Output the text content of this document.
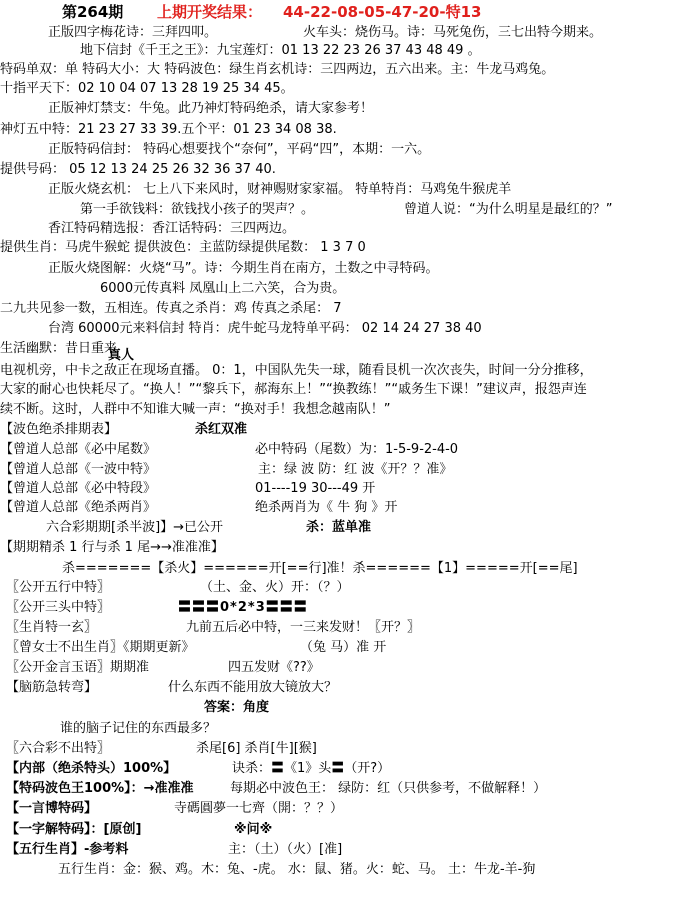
第264期 上期开奖结果： 44-22-08-05-47-20-特13
正版四字梅花诗：三拜四叩。	火车头：烧伤马。诗：马死兔伤，三七出特今期来。
地下信封《千王之王》：九宝莲灯：01 13 22 23 26 37 43 48 49 。
特码单双：单 特码大小：大 特码波色：绿生肖玄机诗：三四两边，五六出来。主：牛龙马鸡兔。
十指平天下：02 10 04 07 13 28 19 25 34 45。
正版神灯禁支：牛兔。此乃神灯特码绝杀，请大家参考！
神灯五中特：21 23 27 33 39.五个平：01 23 34 08 38.
正版特码信封： 特码心想要找个“奈何”，平码“四”，本期：一六。
提供号码： 05 12 13 24 25 26 32 36 37 40.
正版火烧玄机： 七上八下来风时，财神赐财家家福。 特单特肖：马鸡兔牛猴虎羊
第一手欲钱料：欲钱找小孩子的哭声？。	曾道人说：“为什么明星是最红的？”
香江特码精选报：香江话特码：三四两边。
提供生肖：马虎牛猴蛇 提供波色：主蓝防绿提供尾数： 1 3 7 0
正版火烧图解：火烧“马”。诗：今期生肖在南方，土数之中寻特码。
6000元传真料 凤凰山上二六笑，合为贵。
二九共见参一数，五相连。传真之杀肖：鸡 传真之杀尾： 7
台湾 60000元来料信封 特肖：虎牛蛇马龙特单平码： 02 14 24 27 38 40
生活幽默：昔日重来
真人
电视机旁，中卡之敌正在现场直播。 0：1，中国队先失一球，随看艮机一次次丧失，时间一分分推移，
大家的耐心也快耗尽了。“换人！”“黎兵下，郝海东上！”“换教练！”“戚务生下课！”建议声，报怨声连
续不断。这时，人群中不知谁大喊一声：“换对手！我想念越南队！”
【波色绝杀排期表】	杀红双准
【曾道人总部《必中尾数》	必中特码（尾数）为：1-5-9-2-4-0
【曾道人总部《一波中特》	主：绿 波 防：红 波《开？？准》
【曾道人总部《必中特段》	01----19 30---49 开
【曾道人总部《绝杀两肖》	绝杀两肖为《 牛 狗 》开
六合彩期期[杀半波]】→已公开	杀：蓝单准
【期期精杀 1 行与杀 1 尾→→准准准】
杀=======【杀火】======开[==行]准！杀======【1】=====开[==尾]
〖公开五行中特〗	（土、金、火）开：（？）
〖公开三头中特〗	〓〓〓0*2*3〓〓〓
〖生肖特一玄〗	九前五后必中特，一三来发财！〖开？〗
〖曾女士不出生肖〗《期期更新》	（兔 马）准 开
〖公开金言玉语〗期期准	四五发财《??》
【脑筋急转弯】	什么东西不能用放大镜放大？
答案：角度
谁的脑子记住的东西最多？
〖六合彩不出特〗	杀尾[6] 杀肖[牛][猴]
【内部（绝杀特头）100%】	诀杀：〓《1》头〓（开?）
【特码波色王100%】：→准准准	每期必中波色王： 绿防：红（只供参考，不做解释！）
【一言博特码】	寺碼圓夢一七齊（開：？？）
【一字解特码】：[原创]	※问※
【五行生肖】-参考料	主：（土）（火）[准]
五行生肖：金：猴、鸡。木：兔、-虎。 水：鼠、猪。火：蛇、马。 土：牛龙-羊-狗
